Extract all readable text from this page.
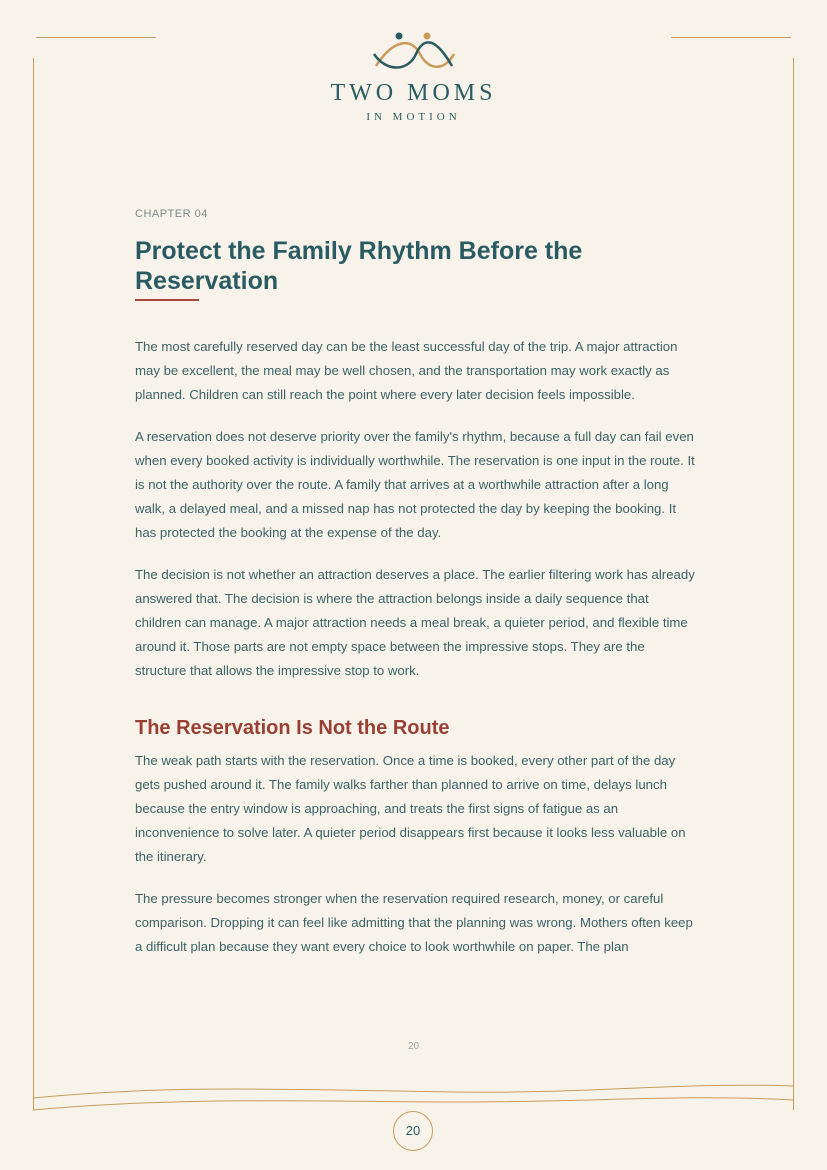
TWO MOMS
IN MOTION
CHAPTER 04
Protect the Family Rhythm Before the Reservation

The most carefully reserved day can be the least successful day of the trip. A major attraction may be excellent, the meal may be well chosen, and the transportation may work exactly as planned. Children can still reach the point where every later decision feels impossible.

A reservation does not deserve priority over the family's rhythm, because a full day can fail even when every booked activity is individually worthwhile. The reservation is one input in the route. It is not the authority over the route. A family that arrives at a worthwhile attraction after a long walk, a delayed meal, and a missed nap has not protected the day by keeping the booking. It has protected the booking at the expense of the day.

The decision is not whether an attraction deserves a place. The earlier filtering work has already answered that. The decision is where the attraction belongs inside a daily sequence that children can manage. A major attraction needs a meal break, a quieter period, and flexible time around it. Those parts are not empty space between the impressive stops. They are the structure that allows the impressive stop to work.

The Reservation Is Not the Route

The weak path starts with the reservation. Once a time is booked, every other part of the day gets pushed around it. The family walks farther than planned to arrive on time, delays lunch because the entry window is approaching, and treats the first signs of fatigue as an inconvenience to solve later. A quieter period disappears first because it looks less valuable on the itinerary.

The pressure becomes stronger when the reservation required research, money, or careful comparison. Dropping it can feel like admitting that the planning was wrong. Mothers often keep a difficult plan because they want every choice to look worthwhile on paper. The plan

20
20
